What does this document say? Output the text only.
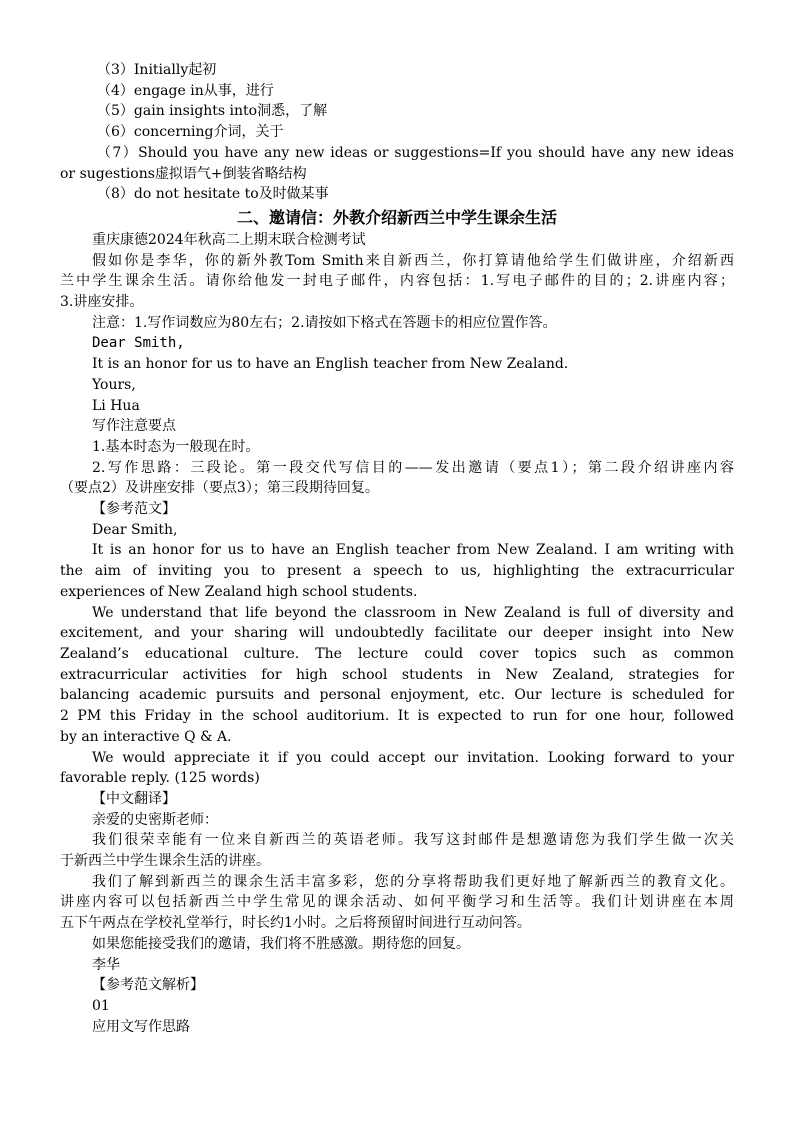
（3）Initially起初

（4）engage in从事，进行

（5）gain insights into洞悉，了解

（6）concerning介词，关于

（7）Should you have any new ideas or suggestions=If you should have any new ideas

or sugestions虚拟语气+倒装省略结构

（8）do not hesitate to及时做某事

二、邀请信：外教介绍新西兰中学生课余生活

重庆康德2024年秋高二上期末联合检测考试

假如你是李华，你的新外教Tom Smith来自新西兰，你打算请他给学生们做讲座，介绍新西

兰中学生课余生活。请你给他发一封电子邮件，内容包括：1.写电子邮件的目的；2.讲座内容；

3.讲座安排。

注意：1.写作词数应为80左右；2.请按如下格式在答题卡的相应位置作答。

Dear Smith,

It is an honor for us to have an English teacher from New Zealand.

Yours,

Li Hua

写作注意要点

1.基本时态为一般现在时。

2.写作思路：三段论。第一段交代写信目的——发出邀请（要点1）；第二段介绍讲座内容

（要点2）及讲座安排（要点3）；第三段期待回复。

【参考范文】

Dear Smith,

It is an honor for us to have an English teacher from New Zealand. I am writing with

the aim of inviting you to present a speech to us, highlighting the extracurricular

experiences of New Zealand high school students.

We understand that life beyond the classroom in New Zealand is full of diversity and

excitement, and your sharing will undoubtedly facilitate our deeper insight into New

Zealand’s educational culture. The lecture could cover topics such as common

extracurricular activities for high school students in New Zealand, strategies for

balancing academic pursuits and personal enjoyment, etc. Our lecture is scheduled for

2 PM this Friday in the school auditorium. It is expected to run for one hour, followed

by an interactive Q & A.

We would appreciate it if you could accept our invitation. Looking forward to your

favorable reply. (125 words)

【中文翻译】

亲爱的史密斯老师：

我们很荣幸能有一位来自新西兰的英语老师。我写这封邮件是想邀请您为我们学生做一次关

于新西兰中学生课余生活的讲座。

我们了解到新西兰的课余生活丰富多彩，您的分享将帮助我们更好地了解新西兰的教育文化。

讲座内容可以包括新西兰中学生常见的课余活动、如何平衡学习和生活等。我们计划讲座在本周

五下午两点在学校礼堂举行，时长约1小时。之后将预留时间进行互动问答。

如果您能接受我们的邀请，我们将不胜感激。期待您的回复。

李华

【参考范文解析】

01

应用文写作思路
